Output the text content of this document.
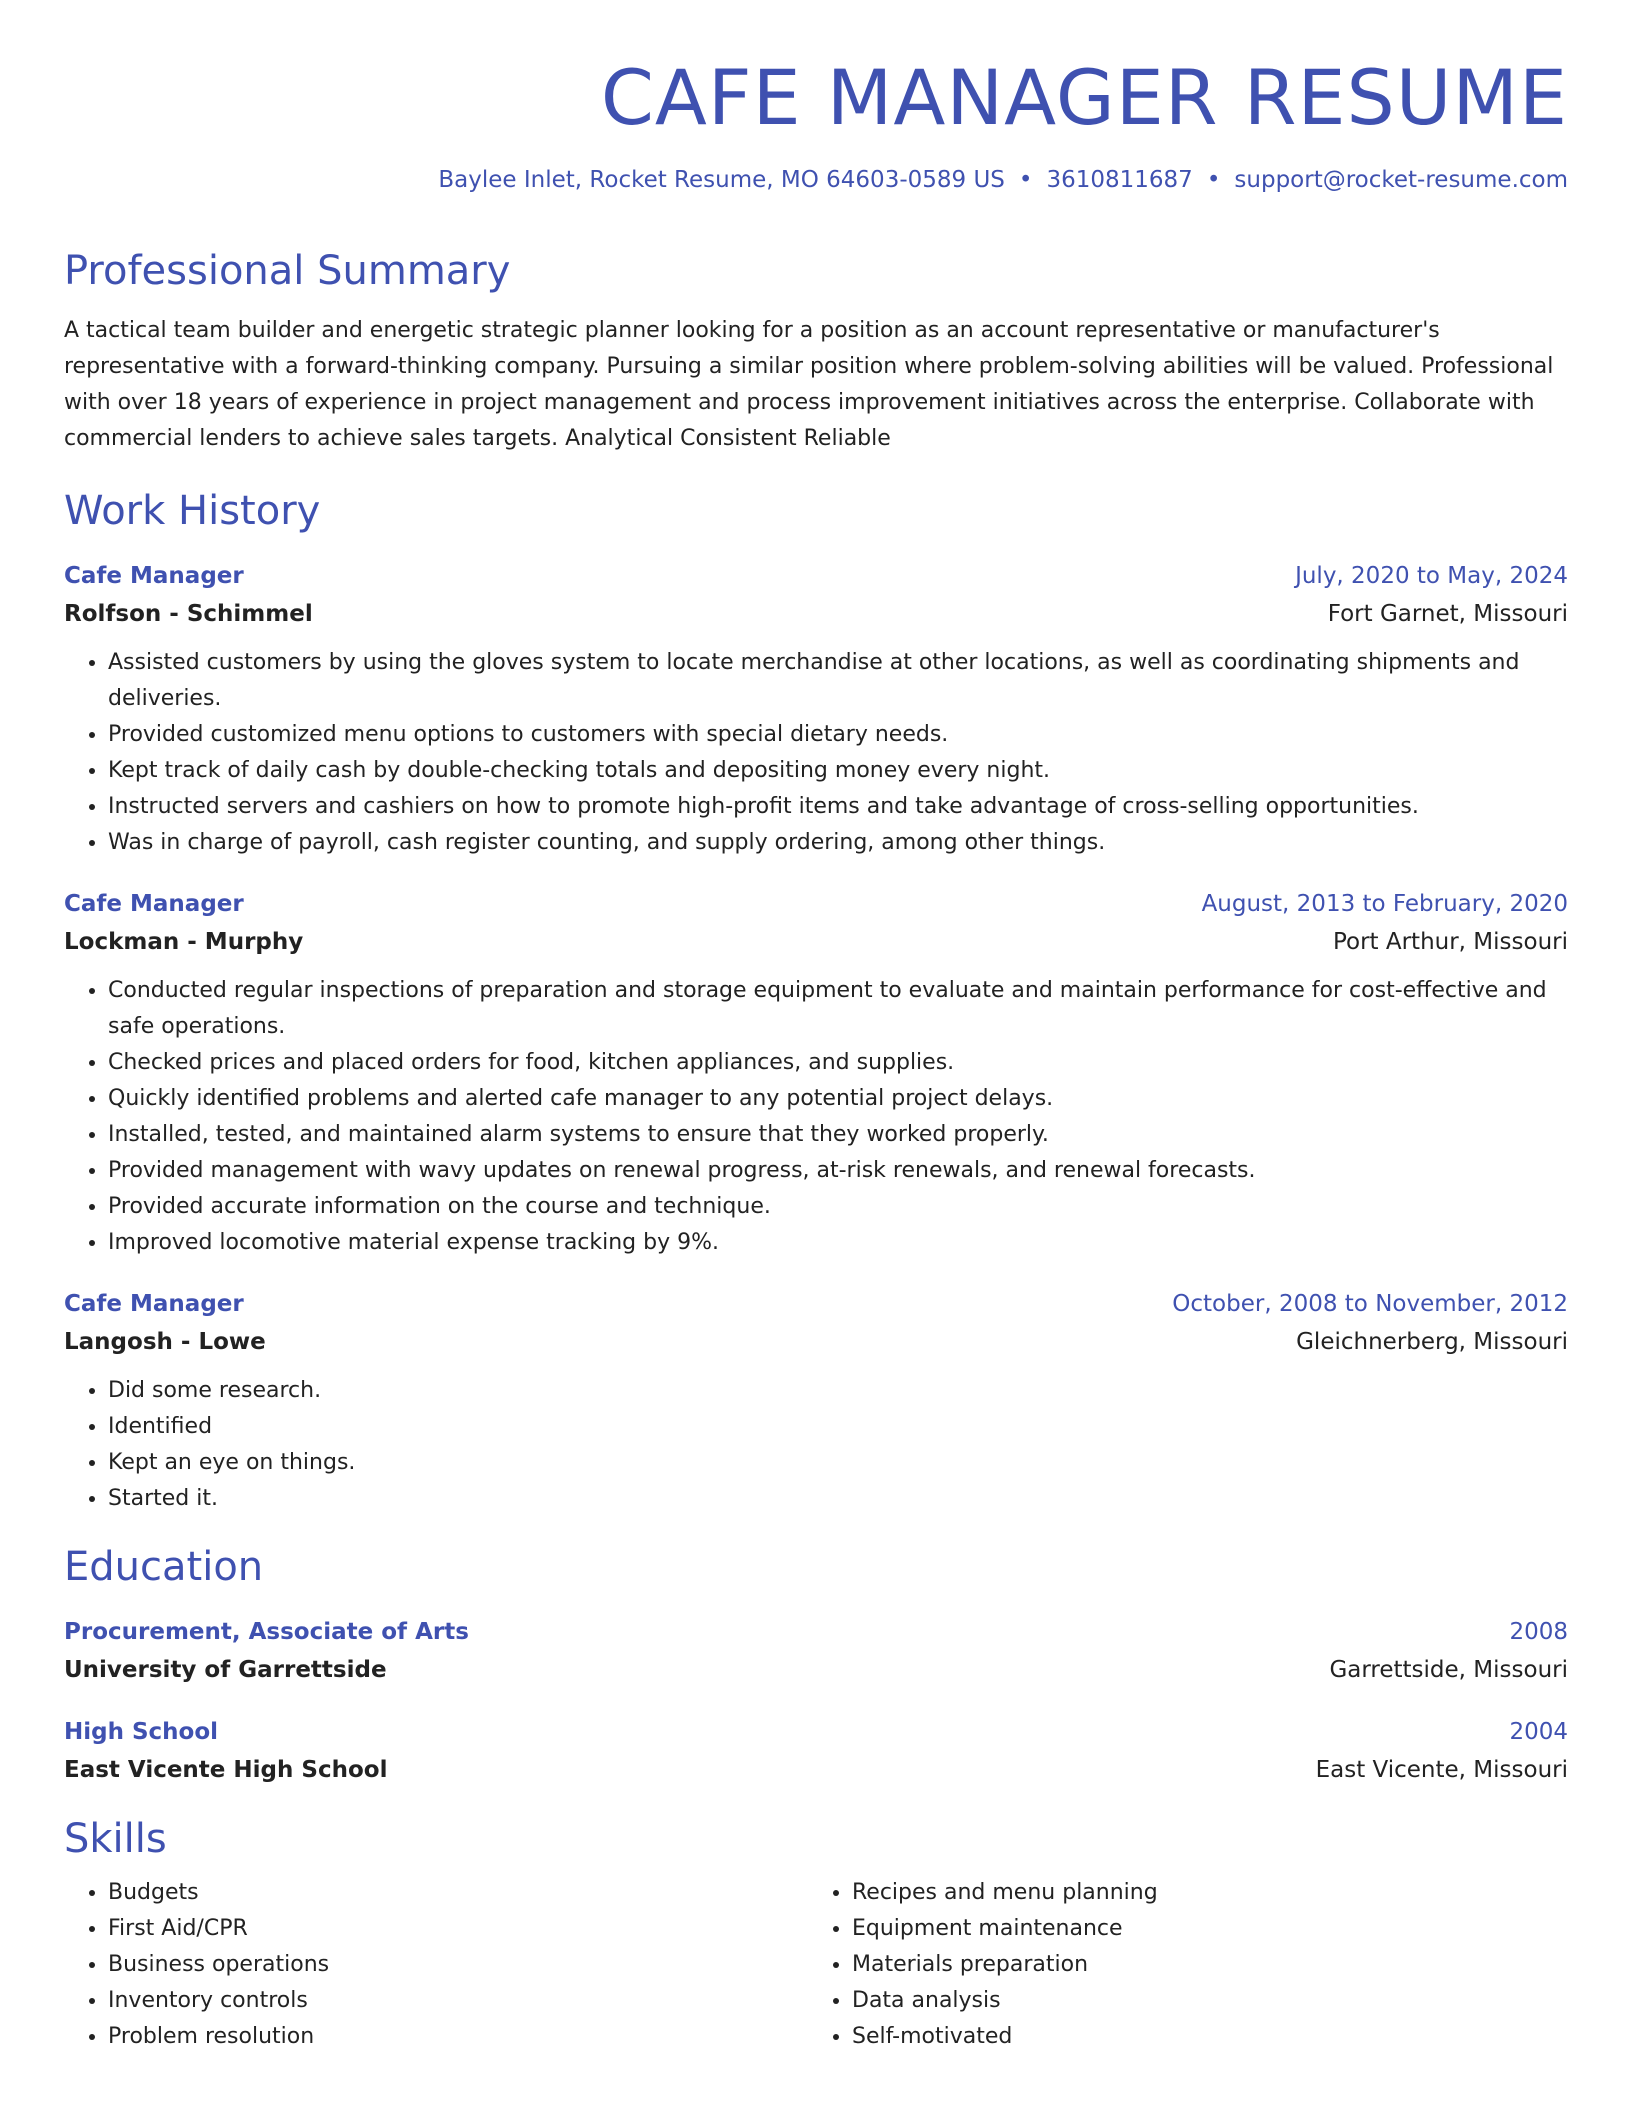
CAFE MANAGER RESUME
Baylee Inlet, Rocket Resume, MO 64603-0589 US • 3610811687 • support@rocket-resume.com
Professional Summary
A tactical team builder and energetic strategic planner looking for a position as an account representative or manufacturer's representative with a forward-thinking company. Pursuing a similar position where problem-solving abilities will be valued. Professional with over 18 years of experience in project management and process improvement initiatives across the enterprise. Collaborate with commercial lenders to achieve sales targets. Analytical Consistent Reliable
Work History
Cafe Manager	July, 2020 to May, 2024
Rolfson - Schimmel	Fort Garnet, Missouri
• Assisted customers by using the gloves system to locate merchandise at other locations, as well as coordinating shipments and deliveries.
• Provided customized menu options to customers with special dietary needs.
• Kept track of daily cash by double-checking totals and depositing money every night.
• Instructed servers and cashiers on how to promote high-profit items and take advantage of cross-selling opportunities.
• Was in charge of payroll, cash register counting, and supply ordering, among other things.
Cafe Manager	August, 2013 to February, 2020
Lockman - Murphy	Port Arthur, Missouri
• Conducted regular inspections of preparation and storage equipment to evaluate and maintain performance for cost-effective and safe operations.
• Checked prices and placed orders for food, kitchen appliances, and supplies.
• Quickly identified problems and alerted cafe manager to any potential project delays.
• Installed, tested, and maintained alarm systems to ensure that they worked properly.
• Provided management with wavy updates on renewal progress, at-risk renewals, and renewal forecasts.
• Provided accurate information on the course and technique.
• Improved locomotive material expense tracking by 9%.
Cafe Manager	October, 2008 to November, 2012
Langosh - Lowe	Gleichnerberg, Missouri
• Did some research.
• Identified
• Kept an eye on things.
• Started it.
Education
Procurement, Associate of Arts	2008
University of Garrettside	Garrettside, Missouri
High School	2004
East Vicente High School	East Vicente, Missouri
Skills
• Budgets
• First Aid/CPR
• Business operations
• Inventory controls
• Problem resolution
• Recipes and menu planning
• Equipment maintenance
• Materials preparation
• Data analysis
• Self-motivated
